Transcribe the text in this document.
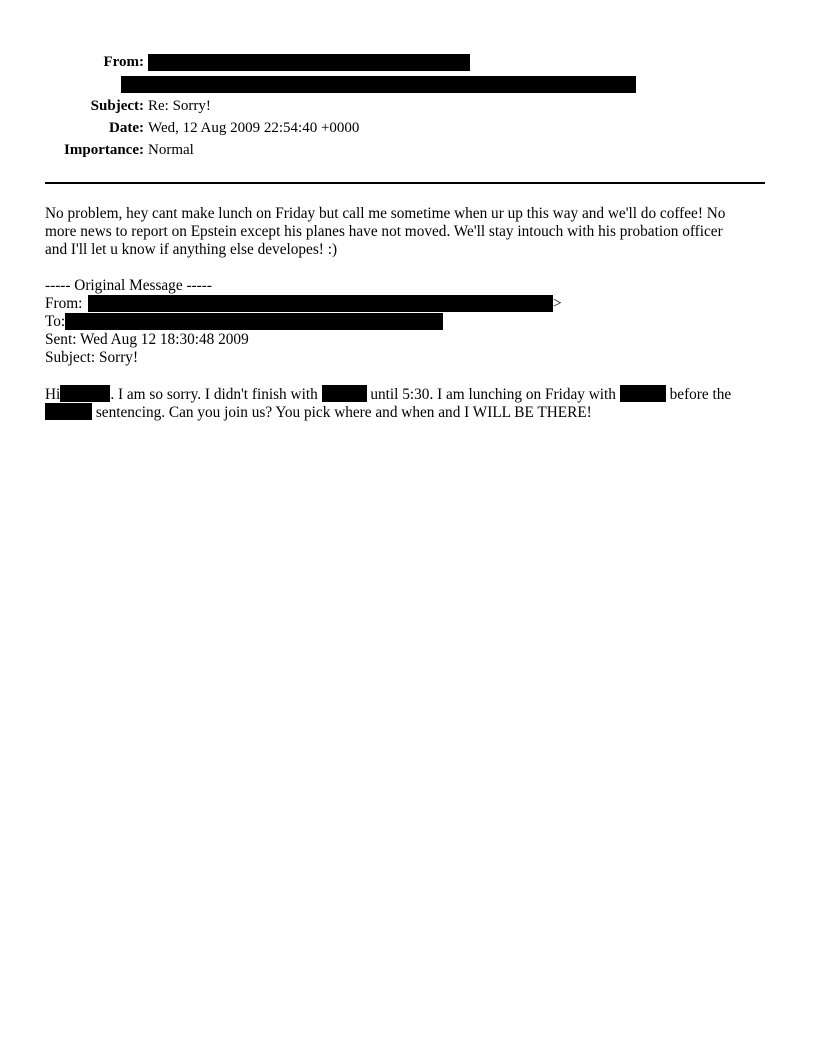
From:
Subject: Re: Sorry!
Date: Wed, 12 Aug 2009 22:54:40 +0000
Importance: Normal
No problem, hey cant make lunch on Friday but call me sometime when ur up this way and we'll do coffee! No
more news to report on Epstein except his planes have not moved. We'll stay intouch with his probation officer
and I'll let u know if anything else developes! :)
----- Original Message -----
From:	>
To:
Sent: Wed Aug 12 18:30:48 2009
Subject: Sorry!
Hi	. I am so sorry. I didn't finish with	until 5:30. I am lunching on Friday with	before the
sentencing. Can you join us? You pick where and when and I WILL BE THERE!
